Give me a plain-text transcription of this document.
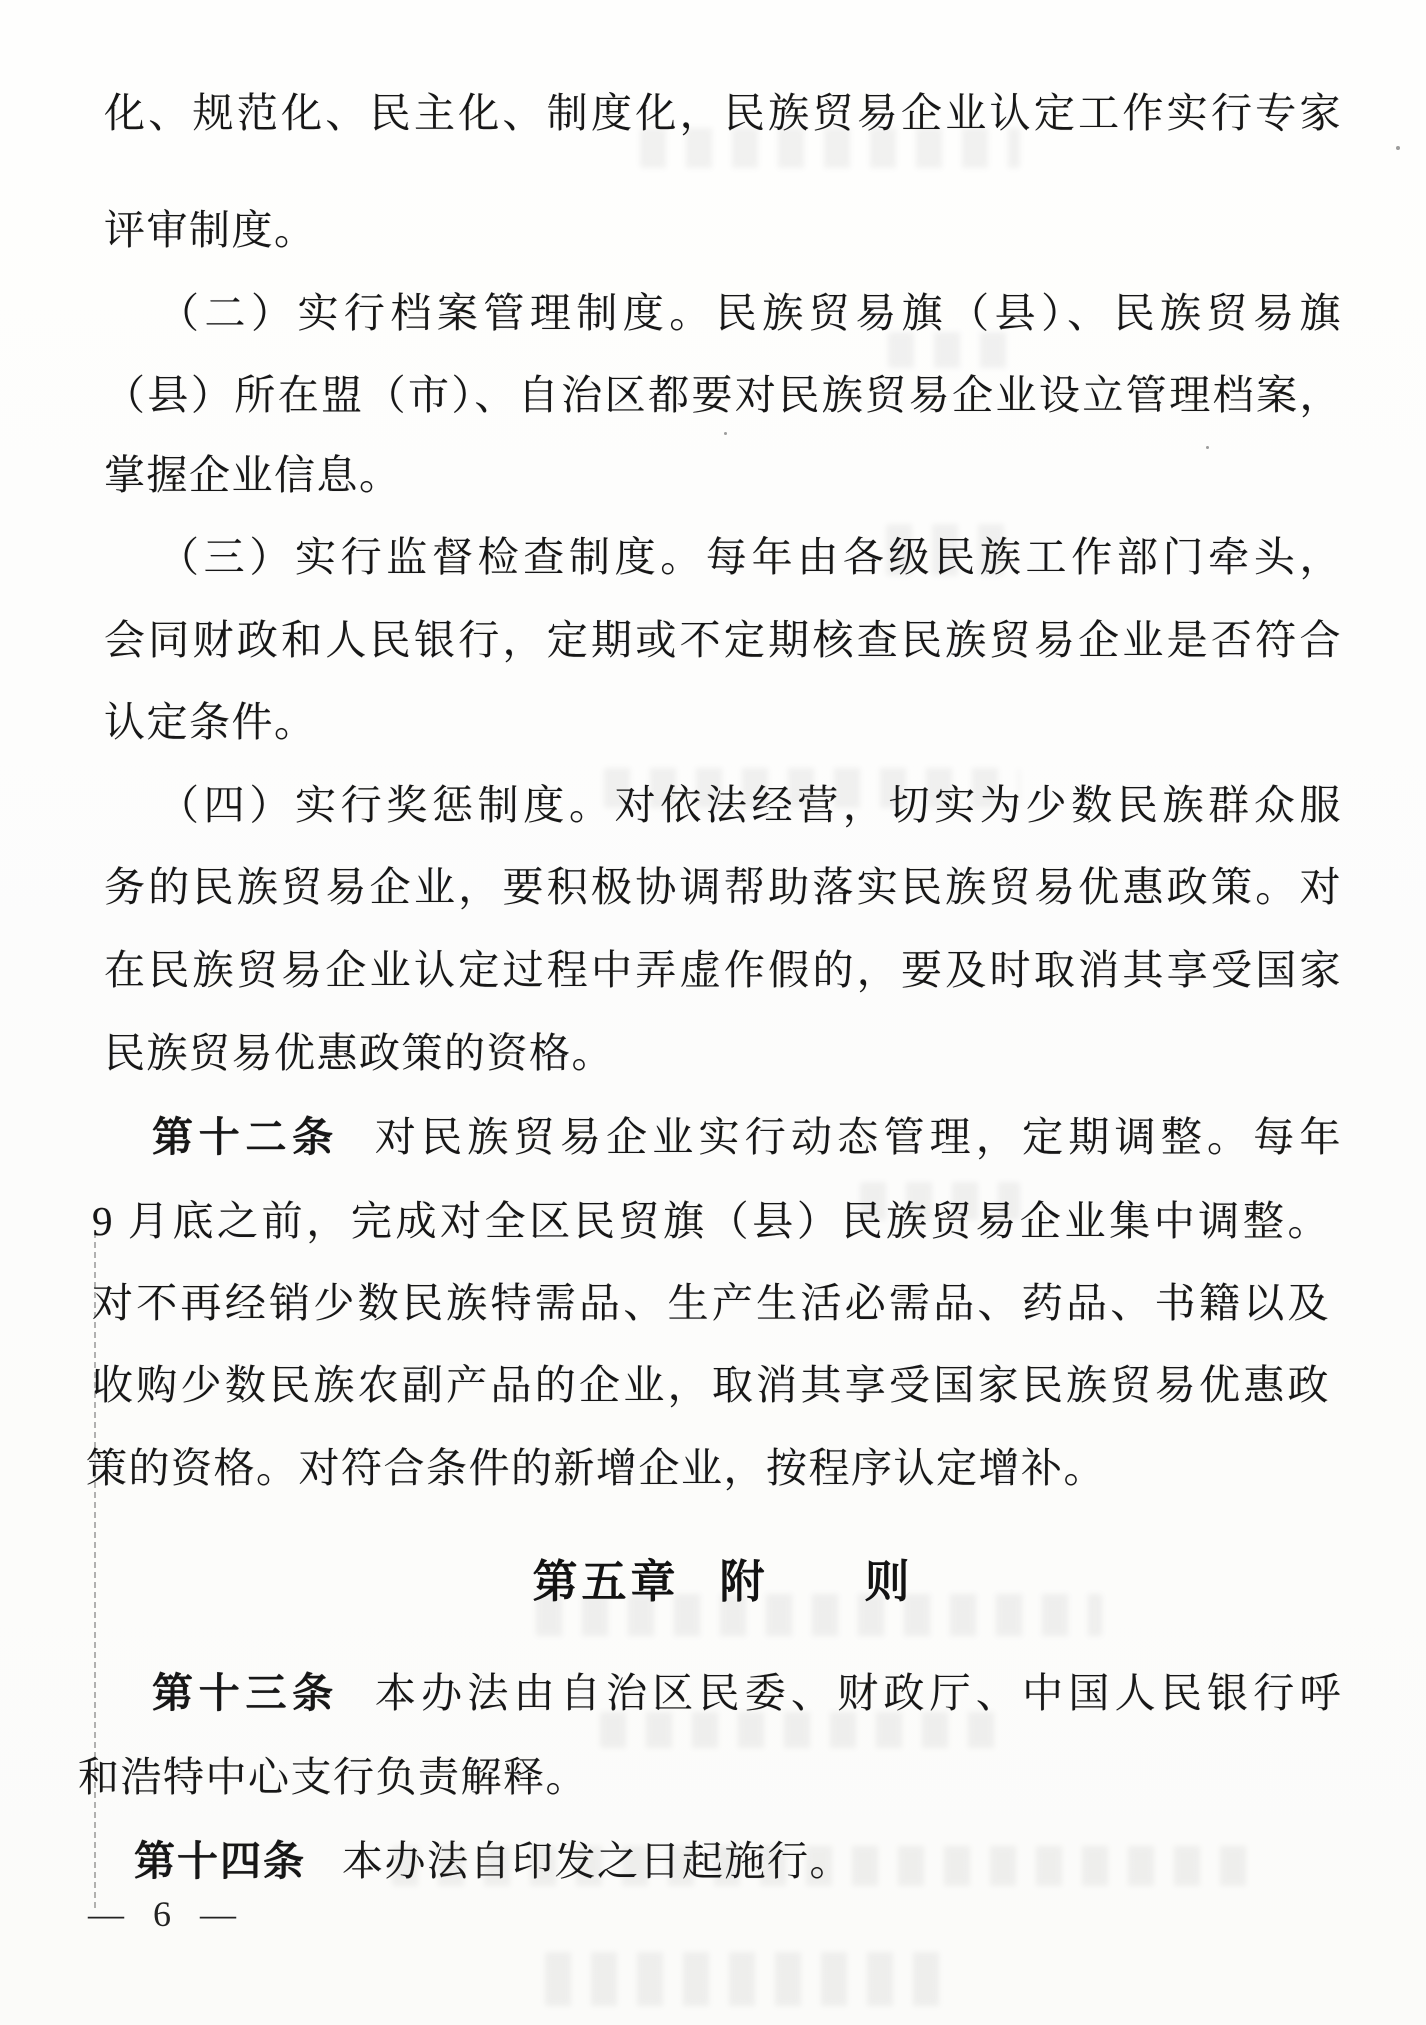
化、规范化、民主化、制度化，民族贸易企业认定工作实行专家
评审制度。
（二）实行档案管理制度。民族贸易旗（县）、民族贸易旗
（县）所在盟（市）、自治区都要对民族贸易企业设立管理档案，
掌握企业信息。
（三）实行监督检查制度。每年由各级民族工作部门牵头，
会同财政和人民银行，定期或不定期核查民族贸易企业是否符合
认定条件。
（四）实行奖惩制度。对依法经营，切实为少数民族群众服
务的民族贸易企业，要积极协调帮助落实民族贸易优惠政策。对
在民族贸易企业认定过程中弄虚作假的，要及时取消其享受国家
民族贸易优惠政策的资格。
第十二条 对民族贸易企业实行动态管理，定期调整。每年
9 月底之前，完成对全区民贸旗（县）民族贸易企业集中调整。
对不再经销少数民族特需品、生产生活必需品、药品、书籍以及
收购少数民族农副产品的企业，取消其享受国家民族贸易优惠政
策的资格。对符合条件的新增企业，按程序认定增补。
第五章 附 则
第十三条 本办法由自治区民委、财政厅、中国人民银行呼
和浩特中心支行负责解释。
第十四条 本办法自印发之日起施行。
— 6 —
